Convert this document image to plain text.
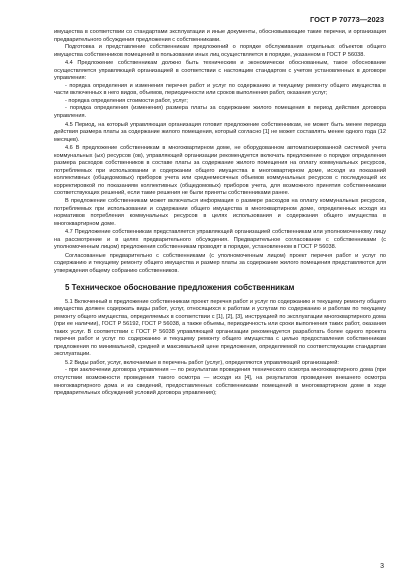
ГОСТ Р 70773—2023

имущества в соответствии со стандартами эксплуатации и иные документы, обосновывающие такие перечни, и организация предварительного обсуждения предложения с собственниками.

Подготовка и представление собственникам предложений о порядке обслуживания отдельных объектов общего имущества собственников помещений в пользовании иных лиц осуществляется в порядке, указанном в ГОСТ Р 56038.

4.4 Предложение собственникам должно быть техническим и экономически обоснованным, такое обоснование осуществляется управляющей организацией в соответствии с настоящим стандартом с учетом установленных в договоре управления:

- порядка определения и изменения перечня работ и услуг по содержанию и текущему ремонту общего имущества в части включенных в него видов, объемов, периодичности или сроков выполнения работ, оказания услуг;

- порядка определения стоимости работ, услуг;

- порядка определения (изменения) размера платы за содержание жилого помещения в период действия договора управления.

4.5 Период, на который управляющая организация готовит предложение собственникам, не может быть менее периода действия размера платы за содержание жилого помещения, который согласно [1] не может составлять менее одного года (12 месяцев).

4.6 В предложение собственникам в многоквартирном доме, не оборудованном автоматизированной системой учета коммунальных (ых) ресурсов (ов), управляющей организации рекомендуется включать предложение о порядке определения размера расходов собственников в составе платы за содержание жилого помещения на оплату коммунальных ресурсов, потребляемых при использовании и содержании общего имущества в многоквартирном доме, исходя из показаний коллективных (общедомовых) приборов учета или среднемесячных объемов коммунальных ресурсов с последующей их корректировкой по показаниям коллективных (общедомовых) приборов учета, для возможного принятия собственниками соответствующих решений, если такие решения не были приняты собственниками ранее.

В предложение собственникам может включаться информация о размере расходов на оплату коммунальных ресурсов, потребляемых при использовании и содержании общего имущества в многоквартирном доме, определенных исходя из нормативов потребления коммунальных ресурсов в целях использования и содержания общего имущества в многоквартирном доме.

4.7 Предложение собственникам представляется управляющей организацией собственникам или уполномоченному лицу на рассмотрение и в целях предварительного обсуждения. Предварительное согласование с собственниками (с уполномоченным лицом) предложения собственникам проводят в порядке, установленном в ГОСТ Р 56038.

Согласованные предварительно с собственниками (с уполномоченным лицом) проект перечня работ и услуг по содержанию и текущему ремонту общего имущества и размер платы за содержание жилого помещения представляются для утверждения общему собранию собственников.

5 Техническое обоснование предложения собственникам

5.1 Включенный в предложение собственникам проект перечня работ и услуг по содержанию и текущему ремонту общего имущества должен содержать виды работ, услуг, относящихся к работам и услугам по содержанию и работам по текущему ремонту общего имущества, определяемых в соответствии с [1], [2], [3], инструкцией по эксплуатации многоквартирного дома (при ее наличии), ГОСТ Р 56192, ГОСТ Р 56038, а также объемы, периодичность или сроки выполнения таких работ, оказания таких услуг. В соответствии с ГОСТ Р 56038 управляющей организации рекомендуется разработать более одного проекта перечня работ и услуг по содержанию и текущему ремонту общего имущества с целью предоставления собственникам предложения по минимальной, средней и максимальной цене предложения, определяемой по соответствующим стандартам эксплуатации.

5.2 Виды работ, услуг, включаемые в перечень работ (услуг), определяются управляющей организацией:

- при заключении договора управления — по результатам проведения технического осмотра многоквартирного дома (при отсутствии возможности проведения такого осмотра — исходя из [4], на результатов проведения внешнего осмотра многоквартирного дома и из сведений, предоставленных собственниками помещений в многоквартирном доме в ходе предварительных обсуждений условий договора управления);

3
